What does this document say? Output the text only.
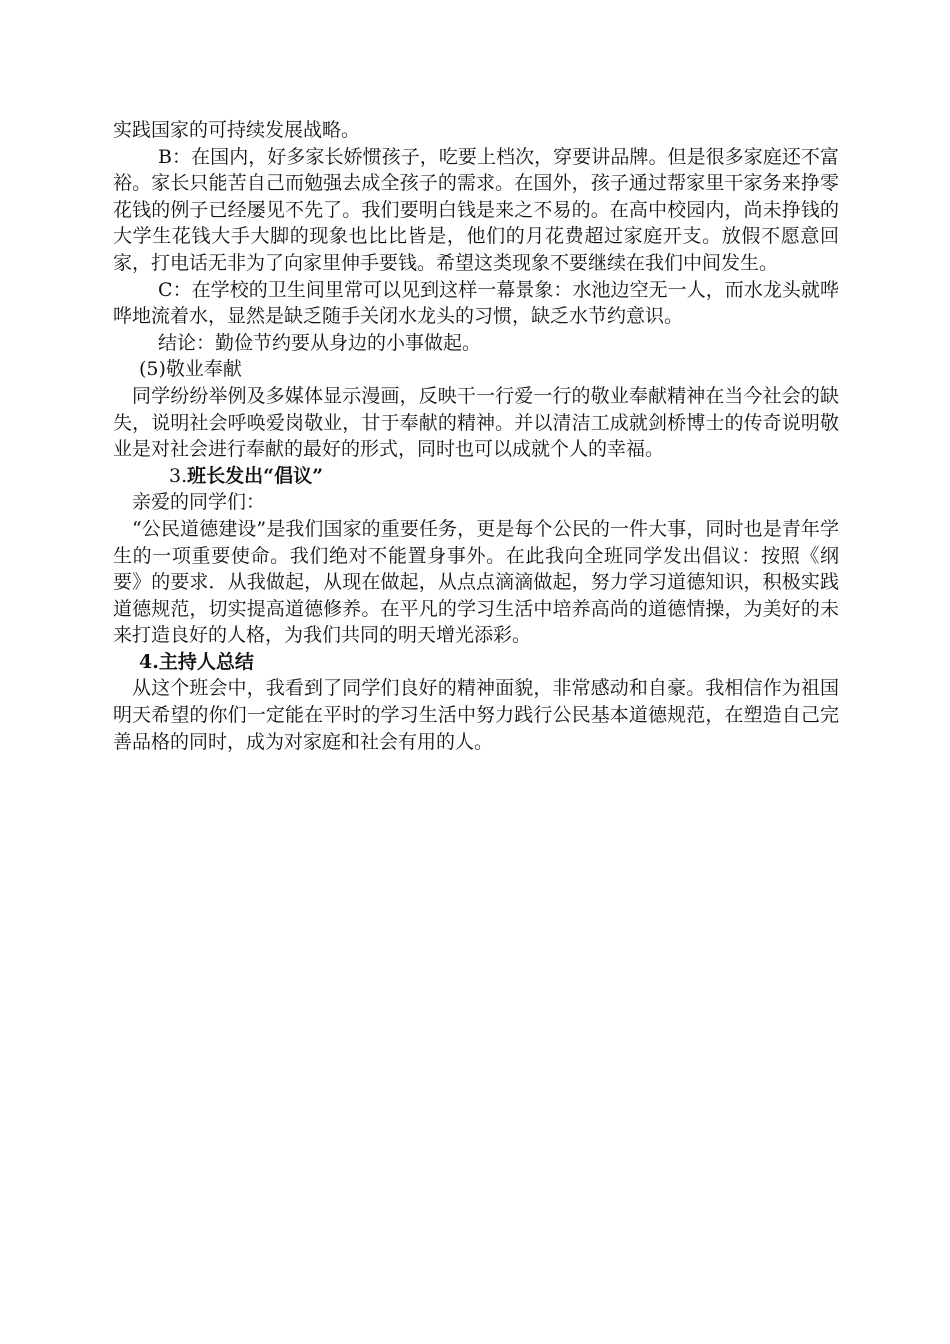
实践国家的可持续发展战略。

B：在国内，好多家长娇惯孩子，吃要上档次，穿要讲品牌。但是很多家庭还不富裕。家长只能苦自己而勉强去成全孩子的需求。在国外，孩子通过帮家里干家务来挣零花钱的例子已经屡见不先了。我们要明白钱是来之不易的。在高中校园内，尚未挣钱的大学生花钱大手大脚的现象也比比皆是，他们的月花费超过家庭开支。放假不愿意回家，打电话无非为了向家里伸手要钱。希望这类现象不要继续在我们中间发生。

C：在学校的卫生间里常可以见到这样一幕景象：水池边空无一人，而水龙头就哗哗地流着水，显然是缺乏随手关闭水龙头的习惯，缺乏水节约意识。

结论：勤俭节约要从身边的小事做起。

(5)敬业奉献

同学纷纷举例及多媒体显示漫画，反映干一行爱一行的敬业奉献精神在当今社会的缺失，说明社会呼唤爱岗敬业，甘于奉献的精神。并以清洁工成就剑桥博士的传奇说明敬业是对社会进行奉献的最好的形式，同时也可以成就个人的幸福。

3.班长发出“倡议”

亲爱的同学们：

“公民道德建设”是我们国家的重要任务，更是每个公民的一件大事，同时也是青年学生的一项重要使命。我们绝对不能置身事外。在此我向全班同学发出倡议：按照《纲要》的要求．从我做起，从现在做起，从点点滴滴做起，努力学习道德知识，积极实践道德规范，切实提高道德修养。在平凡的学习生活中培养高尚的道德情操，为美好的未来打造良好的人格，为我们共同的明天增光添彩。

4.主持人总结

从这个班会中，我看到了同学们良好的精神面貌，非常感动和自豪。我相信作为祖国明天希望的你们一定能在平时的学习生活中努力践行公民基本道德规范，在塑造自己完善品格的同时，成为对家庭和社会有用的人。
